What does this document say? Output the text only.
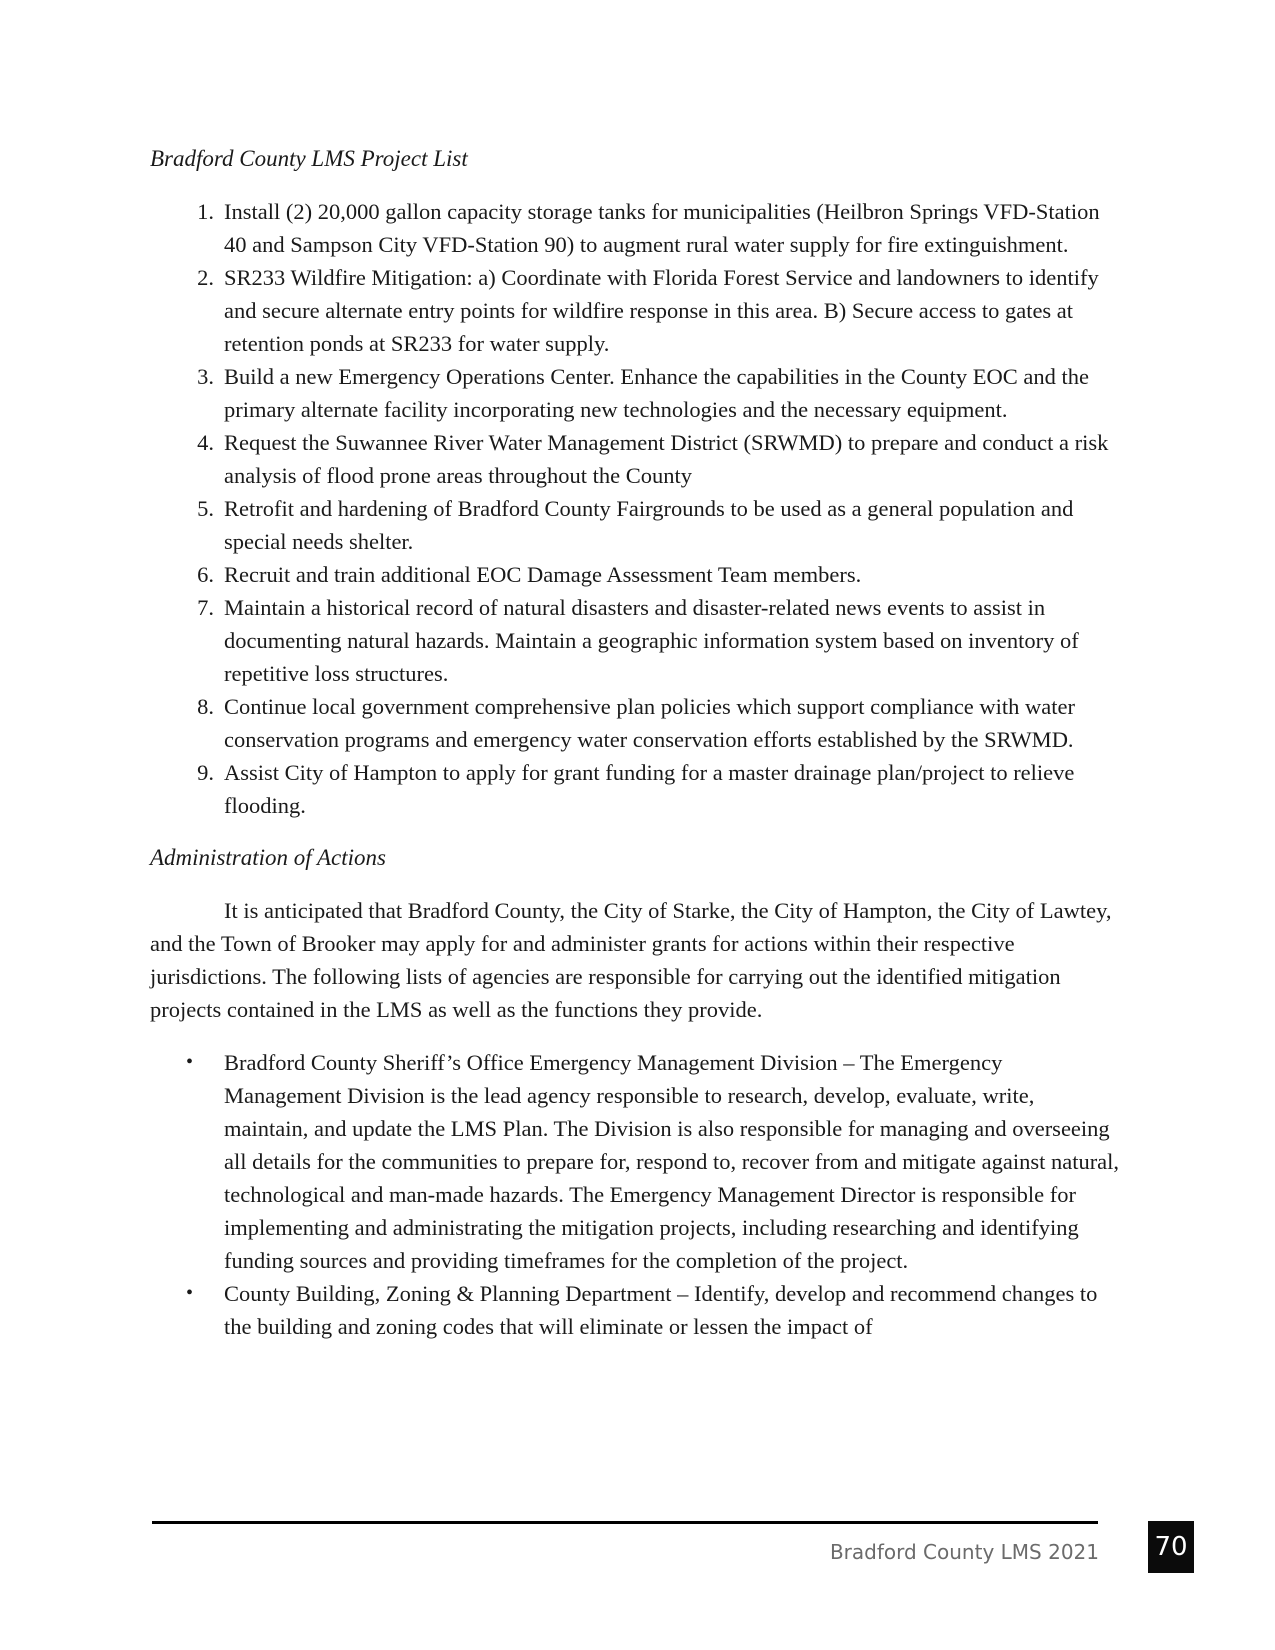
Bradford County LMS Project List
1. Install (2) 20,000 gallon capacity storage tanks for municipalities (Heilbron Springs VFD-Station 40 and Sampson City VFD-Station 90) to augment rural water supply for fire extinguishment.
2. SR233 Wildfire Mitigation: a) Coordinate with Florida Forest Service and landowners to identify and secure alternate entry points for wildfire response in this area. B) Secure access to gates at retention ponds at SR233 for water supply.
3. Build a new Emergency Operations Center. Enhance the capabilities in the County EOC and the primary alternate facility incorporating new technologies and the necessary equipment.
4. Request the Suwannee River Water Management District (SRWMD) to prepare and conduct a risk analysis of flood prone areas throughout the County
5. Retrofit and hardening of Bradford County Fairgrounds to be used as a general population and special needs shelter.
6. Recruit and train additional EOC Damage Assessment Team members.
7. Maintain a historical record of natural disasters and disaster-related news events to assist in documenting natural hazards. Maintain a geographic information system based on inventory of repetitive loss structures.
8. Continue local government comprehensive plan policies which support compliance with water conservation programs and emergency water conservation efforts established by the SRWMD.
9. Assist City of Hampton to apply for grant funding for a master drainage plan/project to relieve flooding.
Administration of Actions

It is anticipated that Bradford County, the City of Starke, the City of Hampton, the City of Lawtey, and the Town of Brooker may apply for and administer grants for actions within their respective jurisdictions. The following lists of agencies are responsible for carrying out the identified mitigation projects contained in the LMS as well as the functions they provide.

• Bradford County Sheriff’s Office Emergency Management Division – The Emergency Management Division is the lead agency responsible to research, develop, evaluate, write, maintain, and update the LMS Plan. The Division is also responsible for managing and overseeing all details for the communities to prepare for, respond to, recover from and mitigate against natural, technological and man-made hazards. The Emergency Management Director is responsible for implementing and administrating the mitigation projects, including researching and identifying funding sources and providing timeframes for the completion of the project.
• County Building, Zoning & Planning Department – Identify, develop and recommend changes to the building and zoning codes that will eliminate or lessen the impact of
Bradford County LMS 2021 70
